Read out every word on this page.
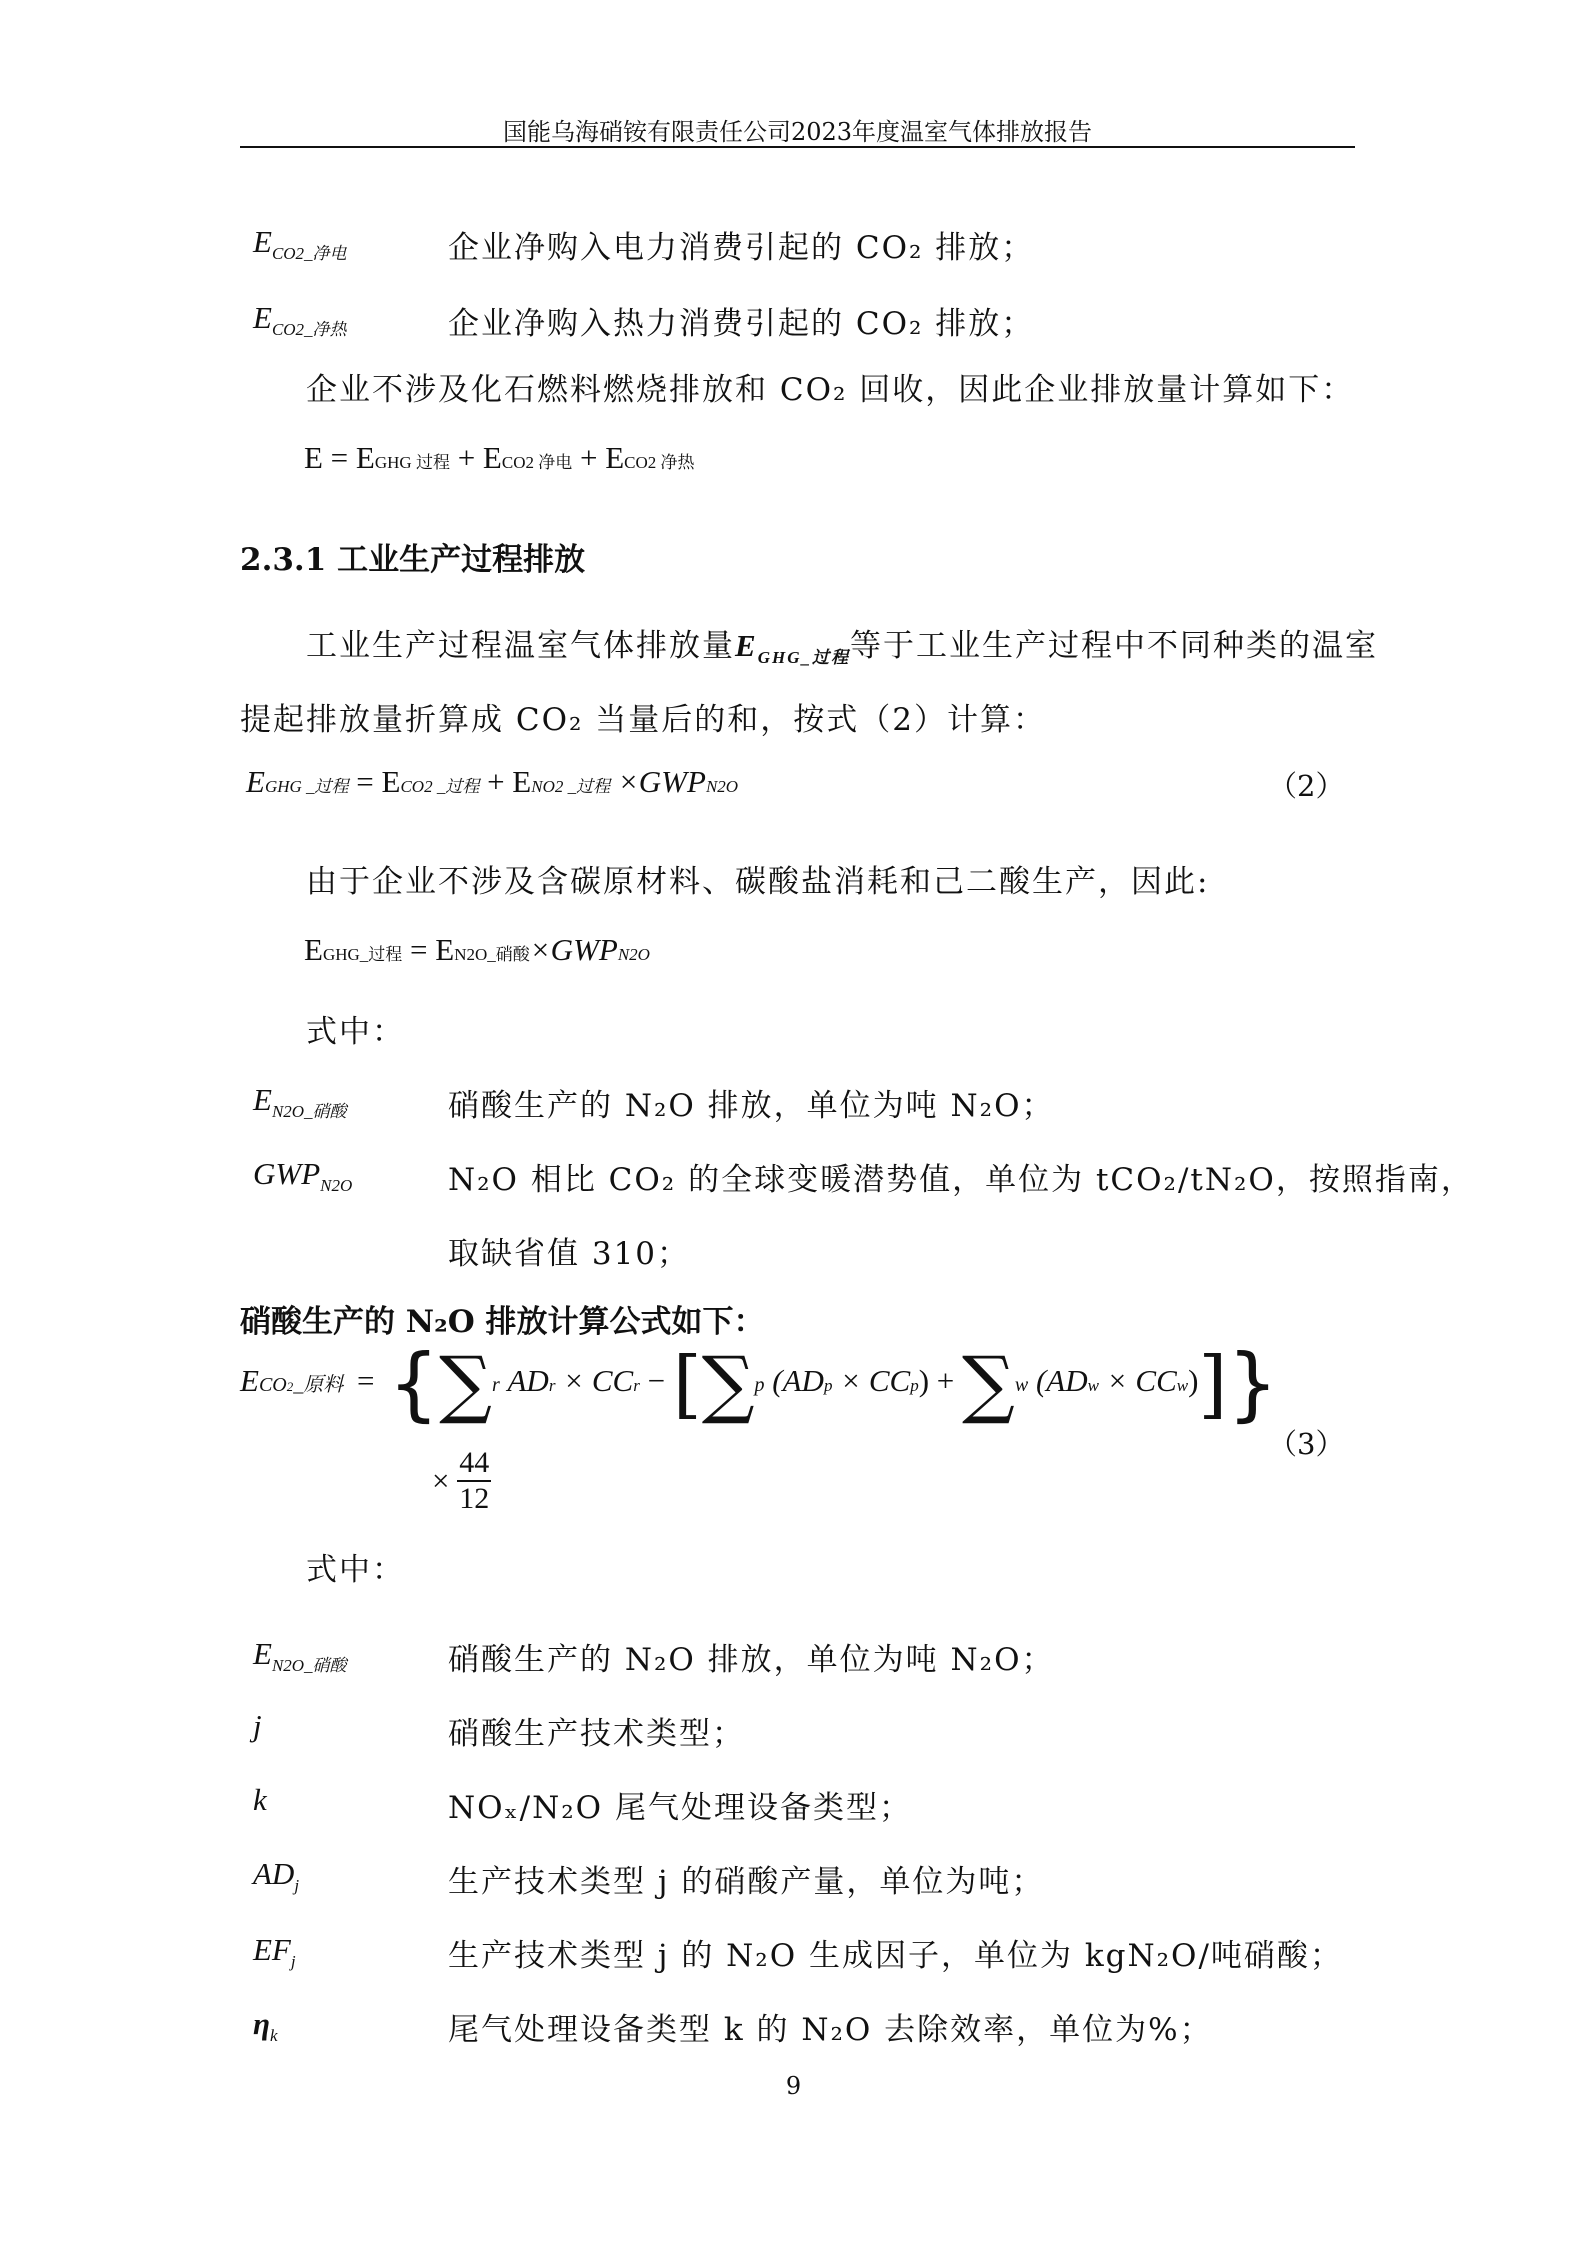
国能乌海硝铵有限责任公司2023年度温室气体排放报告
$E_{CO2\_净电}$	企业净购入电力消费引起的 CO₂ 排放；
$E_{CO2\_净热}$	企业净购入热力消费引起的 CO₂ 排放；
企业不涉及化石燃料燃烧排放和 CO₂ 回收，因此企业排放量计算如下：
E = EGHG 过程 + ECO2 净电 + ECO2 净热
2.3.1 工业生产过程排放
工业生产过程温室气体排放量$E_{GHG\_过程}$等于工业生产过程中不同种类的温室
提起排放量折算成 CO₂ 当量后的和，按式（2）计算：
EGHG _过程 = ECO2 _过程 + ENO2 _过程 ×GWPN2O	（2）
由于企业不涉及含碳原材料、碳酸盐消耗和己二酸生产，因此:
EGHG_过程 = EN2O_硝酸×GWPN2O
式中：
$E_{N2O\_硝酸}$	硝酸生产的 N₂O 排放，单位为吨 N₂O；
$GWP_{N2O}$	N₂O 相比 CO₂ 的全球变暖潜势值，单位为 tCO₂/tN₂O，按照指南，
取缺省值 310；
硝酸生产的 N₂O 排放计算公式如下：
ECO2_原料 = {∑r ADr × CCr − [∑p (ADp × CCp) + ∑w (ADw × CCw)]}
× $\frac{44}{12}$
（3）
式中：
$E_{N2O\_硝酸}$	硝酸生产的 N₂O 排放，单位为吨 N₂O；
j	硝酸生产技术类型；
k	NOₓ/N₂O 尾气处理设备类型；
$AD_j$	生产技术类型 j 的硝酸产量，单位为吨；
$EF_j$	生产技术类型 j 的 N₂O 生成因子，单位为 kgN₂O/吨硝酸；
$\eta_k$	尾气处理设备类型 k 的 N₂O 去除效率，单位为%；
9
